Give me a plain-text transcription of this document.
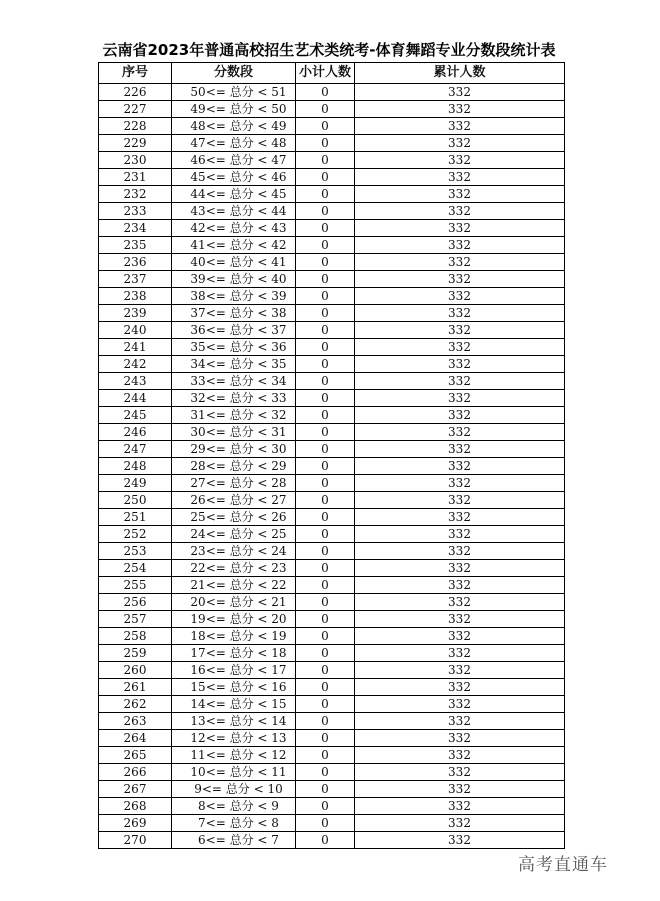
云南省2023年普通高校招生艺术类统考-体育舞蹈专业分数段统计表
序号	分数段	小计人数	累计人数
226	50<= 总分 < 51	0	332
227	49<= 总分 < 50	0	332
228	48<= 总分 < 49	0	332
229	47<= 总分 < 48	0	332
230	46<= 总分 < 47	0	332
231	45<= 总分 < 46	0	332
232	44<= 总分 < 45	0	332
233	43<= 总分 < 44	0	332
234	42<= 总分 < 43	0	332
235	41<= 总分 < 42	0	332
236	40<= 总分 < 41	0	332
237	39<= 总分 < 40	0	332
238	38<= 总分 < 39	0	332
239	37<= 总分 < 38	0	332
240	36<= 总分 < 37	0	332
241	35<= 总分 < 36	0	332
242	34<= 总分 < 35	0	332
243	33<= 总分 < 34	0	332
244	32<= 总分 < 33	0	332
245	31<= 总分 < 32	0	332
246	30<= 总分 < 31	0	332
247	29<= 总分 < 30	0	332
248	28<= 总分 < 29	0	332
249	27<= 总分 < 28	0	332
250	26<= 总分 < 27	0	332
251	25<= 总分 < 26	0	332
252	24<= 总分 < 25	0	332
253	23<= 总分 < 24	0	332
254	22<= 总分 < 23	0	332
255	21<= 总分 < 22	0	332
256	20<= 总分 < 21	0	332
257	19<= 总分 < 20	0	332
258	18<= 总分 < 19	0	332
259	17<= 总分 < 18	0	332
260	16<= 总分 < 17	0	332
261	15<= 总分 < 16	0	332
262	14<= 总分 < 15	0	332
263	13<= 总分 < 14	0	332
264	12<= 总分 < 13	0	332
265	11<= 总分 < 12	0	332
266	10<= 总分 < 11	0	332
267	9<= 总分 < 10	0	332
268	8<= 总分 < 9	0	332
269	7<= 总分 < 8	0	332
270	6<= 总分 < 7	0	332
高考直通车
